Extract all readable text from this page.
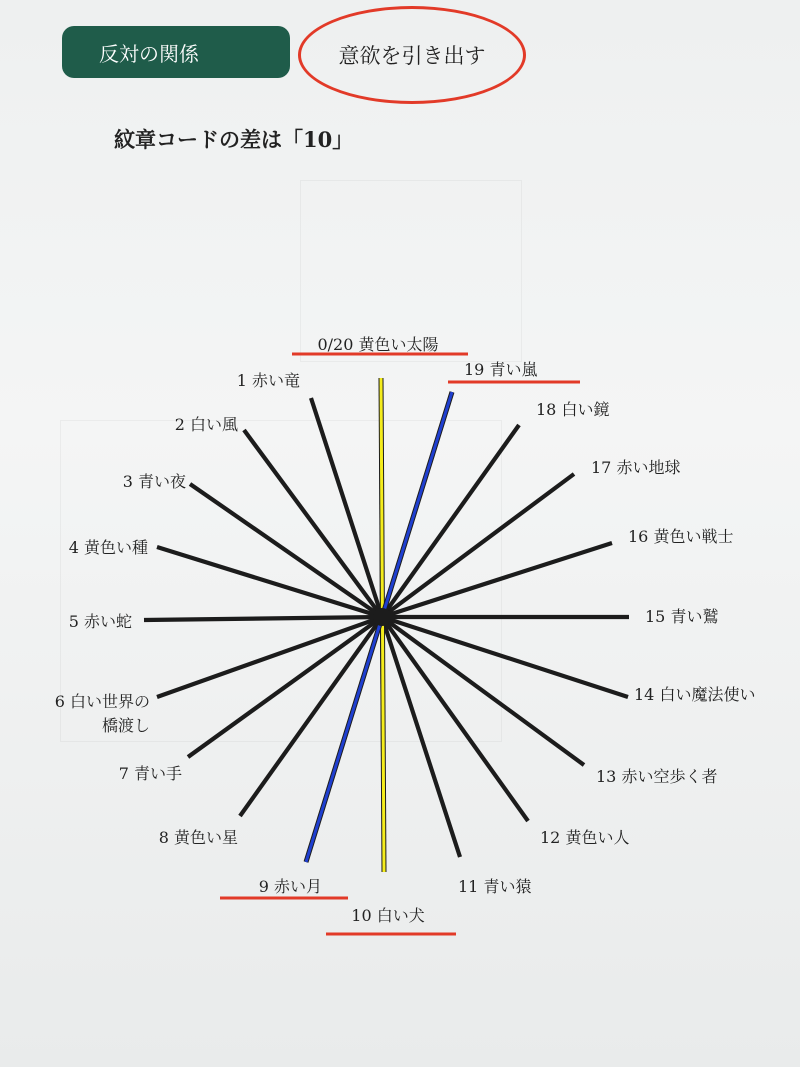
反対の関係	意欲を引き出す
紋章コードの差は「10」
0/20 黄色い太陽
1 赤い竜
2 白い風
3 青い夜
4 黄色い種
5 赤い蛇
6 白い世界の
橋渡し
7 青い手
8 黄色い星
9 赤い月
10 白い犬
11 青い猿
12 黄色い人
13 赤い空歩く者
14 白い魔法使い
15 青い鷲
16 黄色い戦士
17 赤い地球
18 白い鏡
19 青い嵐
